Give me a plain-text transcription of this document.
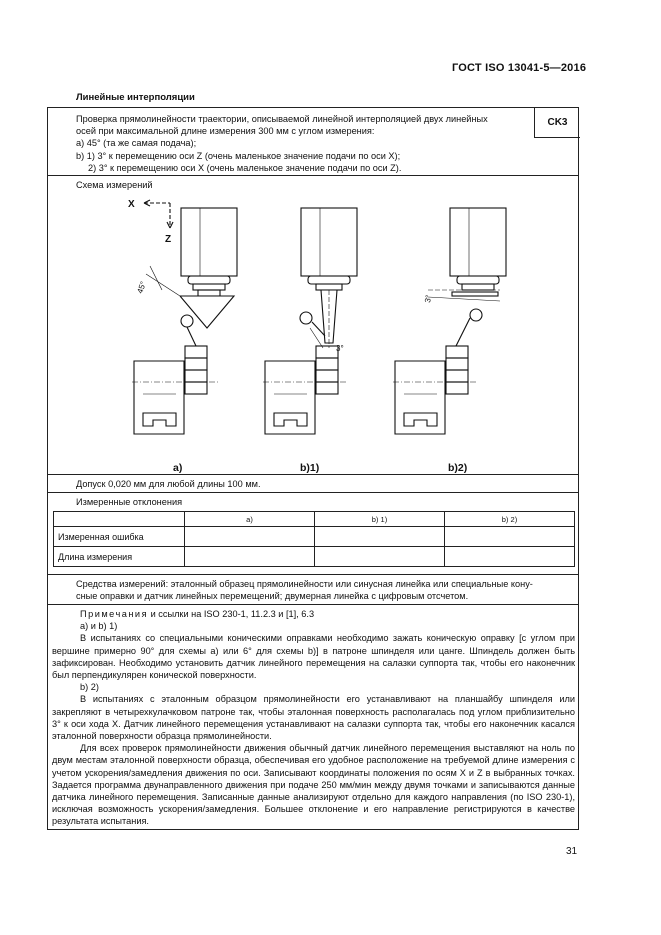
ГОСТ ISO 13041-5—2016
Линейные интерполяции
CK3
Проверка прямолинейности траектории, описываемой линейной интерполяцией двух линейных
осей при максимальной длине измерения 300 мм с углом измерения:
a) 45° (та же самая подача);
b) 1) 3° к перемещению оси Z (очень маленькое значение подачи по оси X);
2) 3° к перемещению оси X (очень маленькое значение подачи по оси Z).
Схема измерений
X
Z
45°
a)
3°
b)1)
3°
b)2)
Допуск 0,020 мм для любой длины 100 мм.
Измеренные отклонения
	a)	b) 1)	b) 2)
Измеренная ошибка			
Длина измерения			
Средства измерений: эталонный образец прямолинейности или синусная линейка или специальные кону-
сные оправки и датчик линейных перемещений; двумерная линейка с цифровым отсчетом.

Примечания и ссылки на ISO 230-1, 11.2.3 и [1], 6.3

a) и b) 1)

В испытаниях со специальными коническими оправками необходимо зажать коническую оправку [с углом при вершине примерно 90° для схемы a) или 6° для схемы b)] в патроне шпинделя или цанге. Шпиндель должен быть зафиксирован. Необходимо установить датчик линейного перемещения на салазки суппорта так, чтобы его наконечник был перпендикулярен конической поверхности.

b) 2)

В испытаниях с эталонным образцом прямолинейности его устанавливают на планшайбу шпинделя или закрепляют в четырехкулачковом патроне так, чтобы эталонная поверхность располагалась под углом приблизительно 3° к оси хода X. Датчик линейного перемещения устанавливают на салазки суппорта так, чтобы его наконечник касался эталонной поверхности образца прямолинейности.

Для всех проверок прямолинейности движения обычный датчик линейного перемещения выставляют на ноль по двум местам эталонной поверхности образца, обеспечивая его удобное расположение на требуемой длине измерения с учетом ускорения/замедления движения по оси. Записывают координаты положения по осям X и Z в выбранных точках. Задается программа двунаправленного движения при подаче 250 мм/мин между двумя точками и записываются данные датчика линейного перемещения. Записанные данные анализируют отдельно для каждого направления (по ISO 230-1), исключая возможность ускорения/замедления. Большее отклонение и его направление регистрируются в качестве результата испытания.

31
